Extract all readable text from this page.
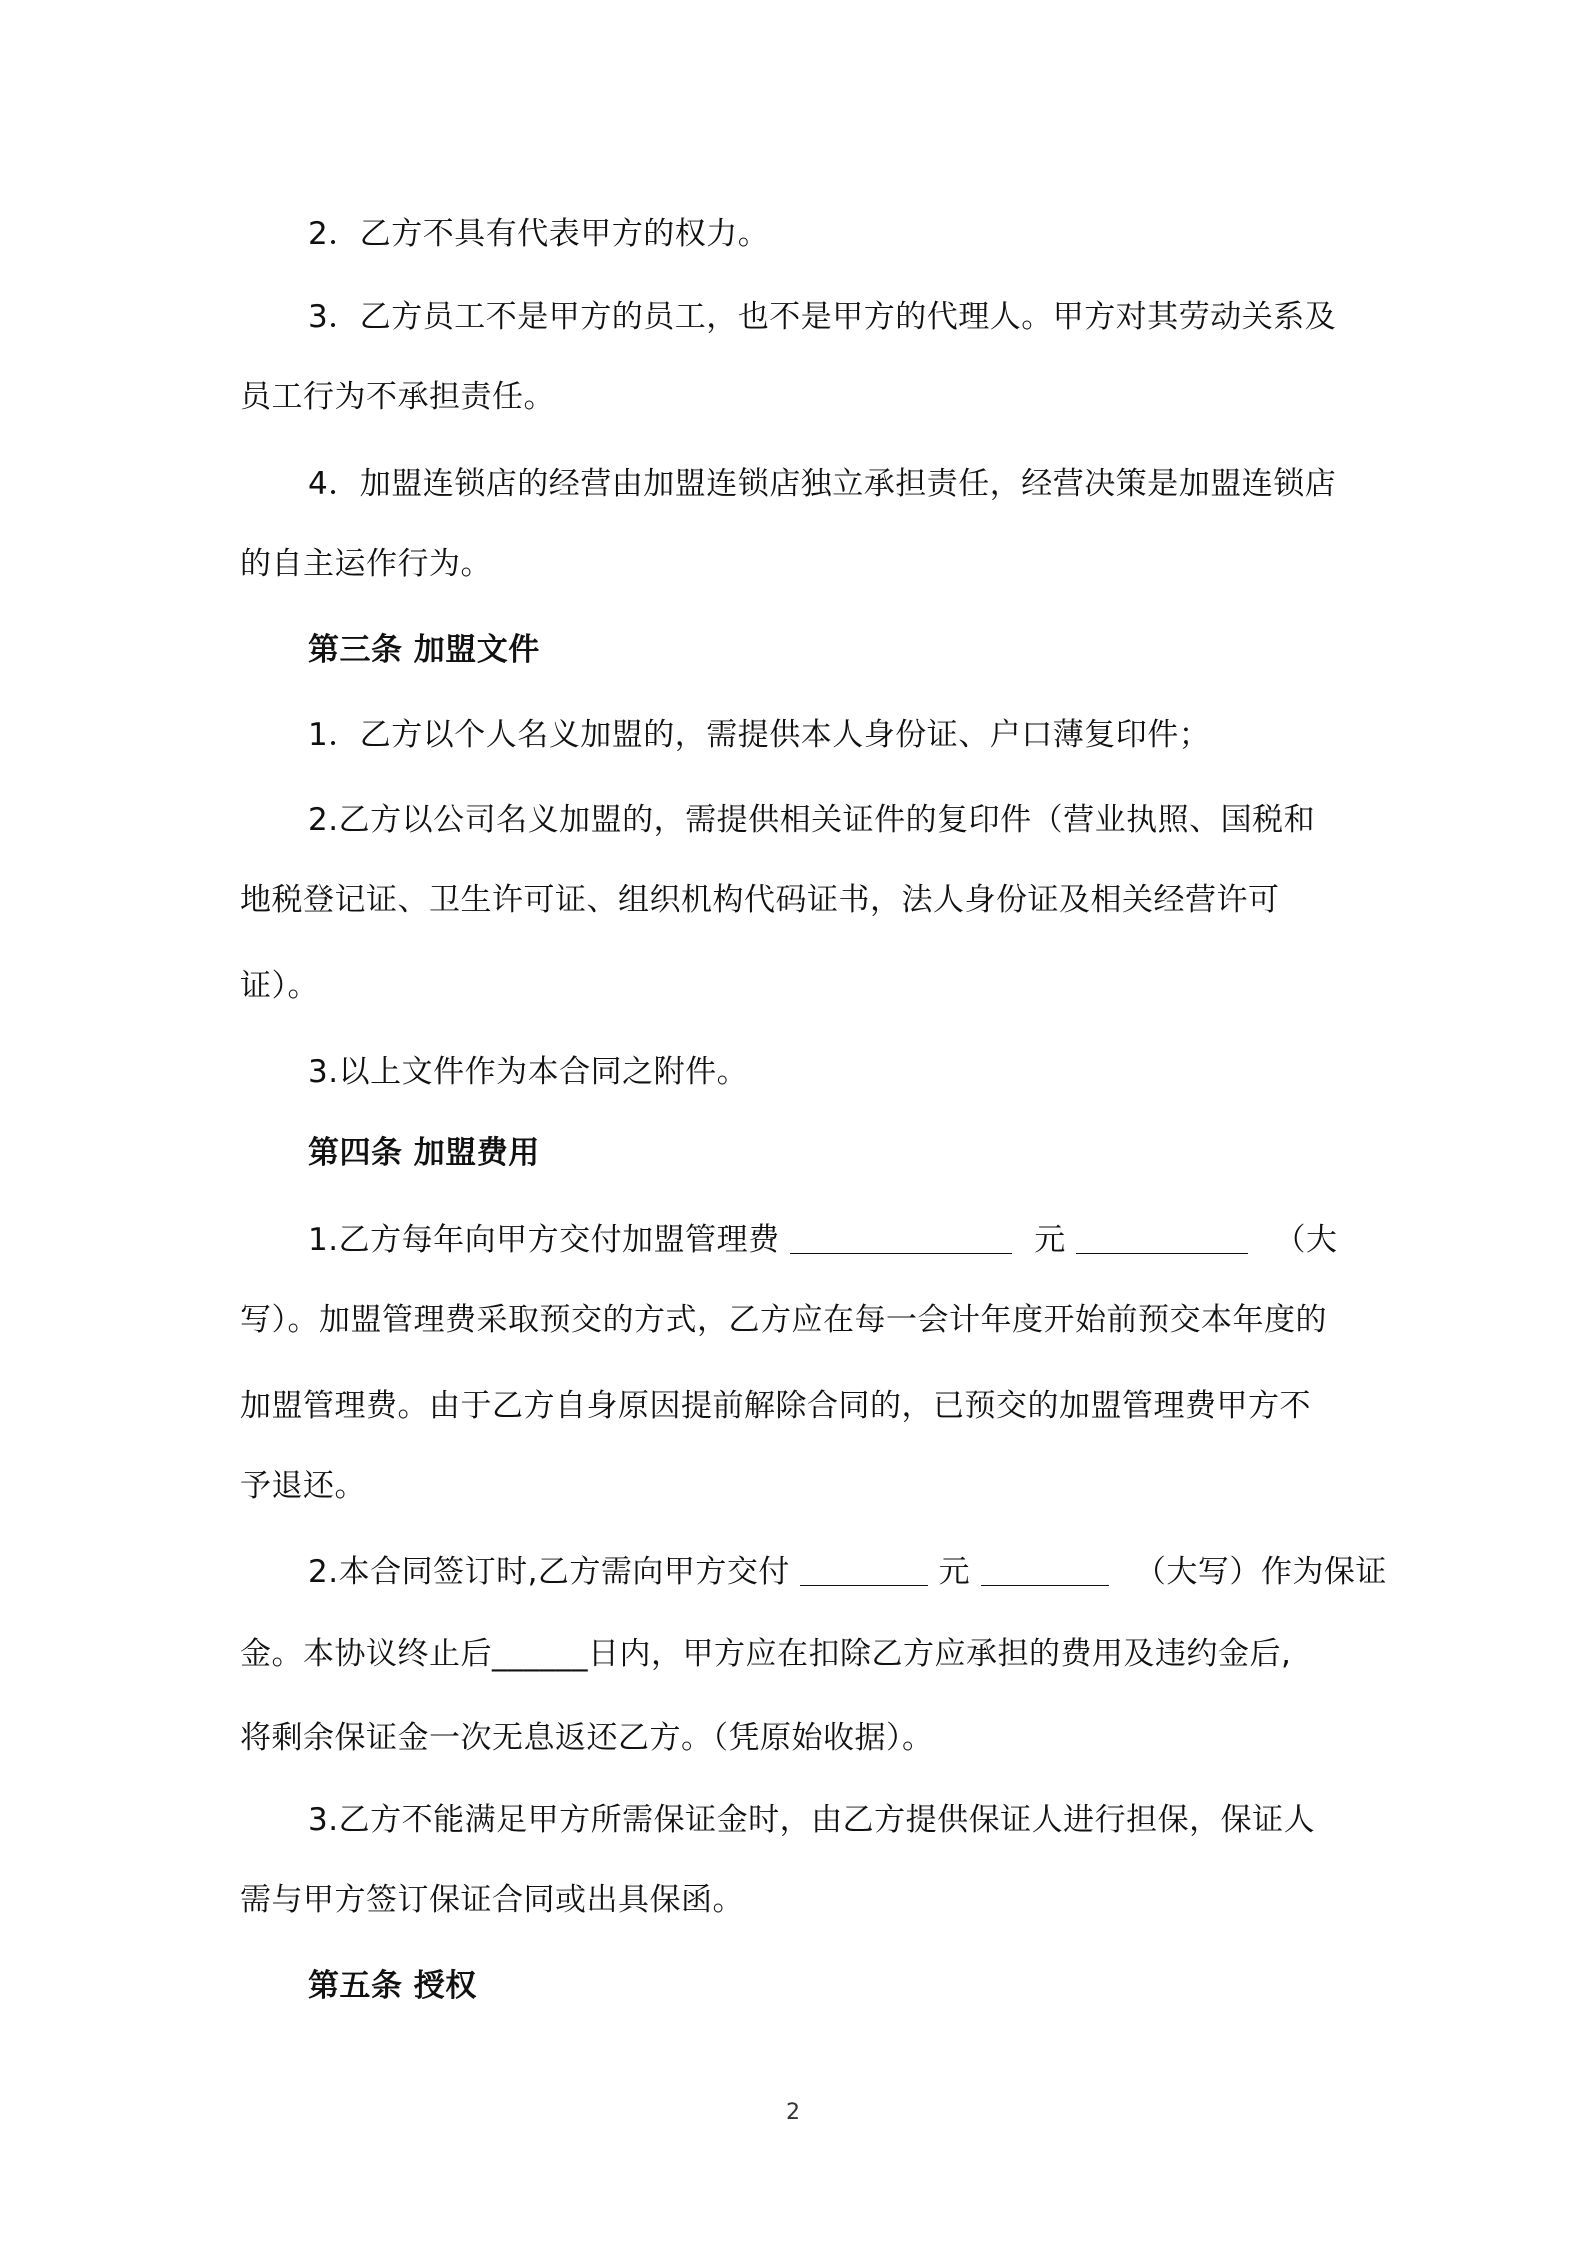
2．乙方不具有代表甲方的权力。
3．乙方员工不是甲方的员工，也不是甲方的代理人。甲方对其劳动关系及
员工行为不承担责任。
4．加盟连锁店的经营由加盟连锁店独立承担责任，经营决策是加盟连锁店
的自主运作行为。
第三条 加盟文件
1．乙方以个人名义加盟的，需提供本人身份证、户口薄复印件；
2.乙方以公司名义加盟的，需提供相关证件的复印件（营业执照、国税和
地税登记证、卫生许可证、组织机构代码证书，法人身份证及相关经营许可
证）。
3.以上文件作为本合同之附件。
第四条 加盟费用
1.乙方每年向甲方交付加盟管理费	元	（大
写）。加盟管理费采取预交的方式，乙方应在每一会计年度开始前预交本年度的
加盟管理费。由于乙方自身原因提前解除合同的，已预交的加盟管理费甲方不
予退还。
2.本合同签订时,乙方需向甲方交付	元	（大写）作为保证
金。本协议终止后______日内，甲方应在扣除乙方应承担的费用及违约金后,
将剩余保证金一次无息返还乙方。（凭原始收据）。
3.乙方不能满足甲方所需保证金时，由乙方提供保证人进行担保，保证人
需与甲方签订保证合同或出具保函。
第五条 授权
2
